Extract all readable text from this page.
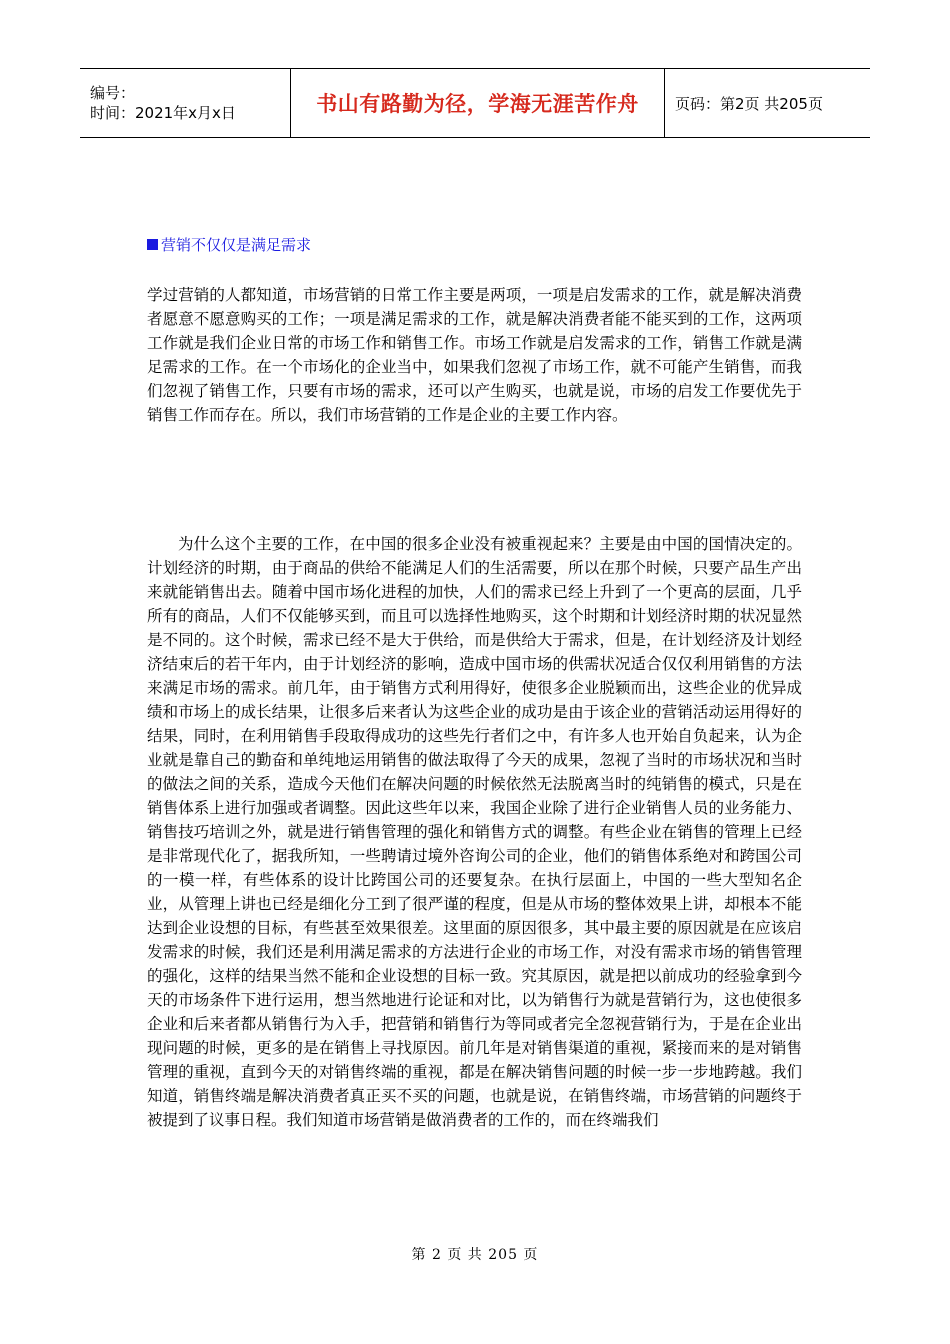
编号：
时间：2021年x月x日	书山有路勤为径，学海无涯苦作舟	页码：第2页 共205页
营销不仅仅是满足需求

学过营销的人都知道，市场营销的日常工作主要是两项，一项是启发需求的工作，就是解决消费者愿意不愿意购买的工作；一项是满足需求的工作，就是解决消费者能不能买到的工作，这两项工作就是我们企业日常的市场工作和销售工作。市场工作就是启发需求的工作，销售工作就是满足需求的工作。在一个市场化的企业当中，如果我们忽视了市场工作，就不可能产生销售，而我们忽视了销售工作，只要有市场的需求，还可以产生购买，也就是说，市场的启发工作要优先于销售工作而存在。所以，我们市场营销的工作是企业的主要工作内容。

为什么这个主要的工作，在中国的很多企业没有被重视起来？主要是由中国的国情决定的。计划经济的时期，由于商品的供给不能满足人们的生活需要，所以在那个时候，只要产品生产出来就能销售出去。随着中国市场化进程的加快，人们的需求已经上升到了一个更高的层面，几乎所有的商品，人们不仅能够买到，而且可以选择性地购买，这个时期和计划经济时期的状况显然是不同的。这个时候，需求已经不是大于供给，而是供给大于需求，但是，在计划经济及计划经济结束后的若干年内，由于计划经济的影响，造成中国市场的供需状况适合仅仅利用销售的方法来满足市场的需求。前几年，由于销售方式利用得好，使很多企业脱颖而出，这些企业的优异成绩和市场上的成长结果，让很多后来者认为这些企业的成功是由于该企业的营销活动运用得好的结果，同时，在利用销售手段取得成功的这些先行者们之中，有许多人也开始自负起来，认为企业就是靠自己的勤奋和单纯地运用销售的做法取得了今天的成果，忽视了当时的市场状况和当时的做法之间的关系，造成今天他们在解决问题的时候依然无法脱离当时的纯销售的模式，只是在销售体系上进行加强或者调整。因此这些年以来，我国企业除了进行企业销售人员的业务能力、销售技巧培训之外，就是进行销售管理的强化和销售方式的调整。有些企业在销售的管理上已经是非常现代化了，据我所知，一些聘请过境外咨询公司的企业，他们的销售体系绝对和跨国公司的一模一样，有些体系的设计比跨国公司的还要复杂。在执行层面上，中国的一些大型知名企业，从管理上讲也已经是细化分工到了很严谨的程度，但是从市场的整体效果上讲，却根本不能达到企业设想的目标，有些甚至效果很差。这里面的原因很多，其中最主要的原因就是在应该启发需求的时候，我们还是利用满足需求的方法进行企业的市场工作，对没有需求市场的销售管理的强化，这样的结果当然不能和企业设想的目标一致。究其原因，就是把以前成功的经验拿到今天的市场条件下进行运用，想当然地进行论证和对比，以为销售行为就是营销行为，这也使很多企业和后来者都从销售行为入手，把营销和销售行为等同或者完全忽视营销行为，于是在企业出现问题的时候，更多的是在销售上寻找原因。前几年是对销售渠道的重视，紧接而来的是对销售管理的重视，直到今天的对销售终端的重视，都是在解决销售问题的时候一步一步地跨越。我们知道，销售终端是解决消费者真正买不买的问题，也就是说，在销售终端，市场营销的问题终于被提到了议事日程。我们知道市场营销是做消费者的工作的，而在终端我们

第 2 页 共 205 页
